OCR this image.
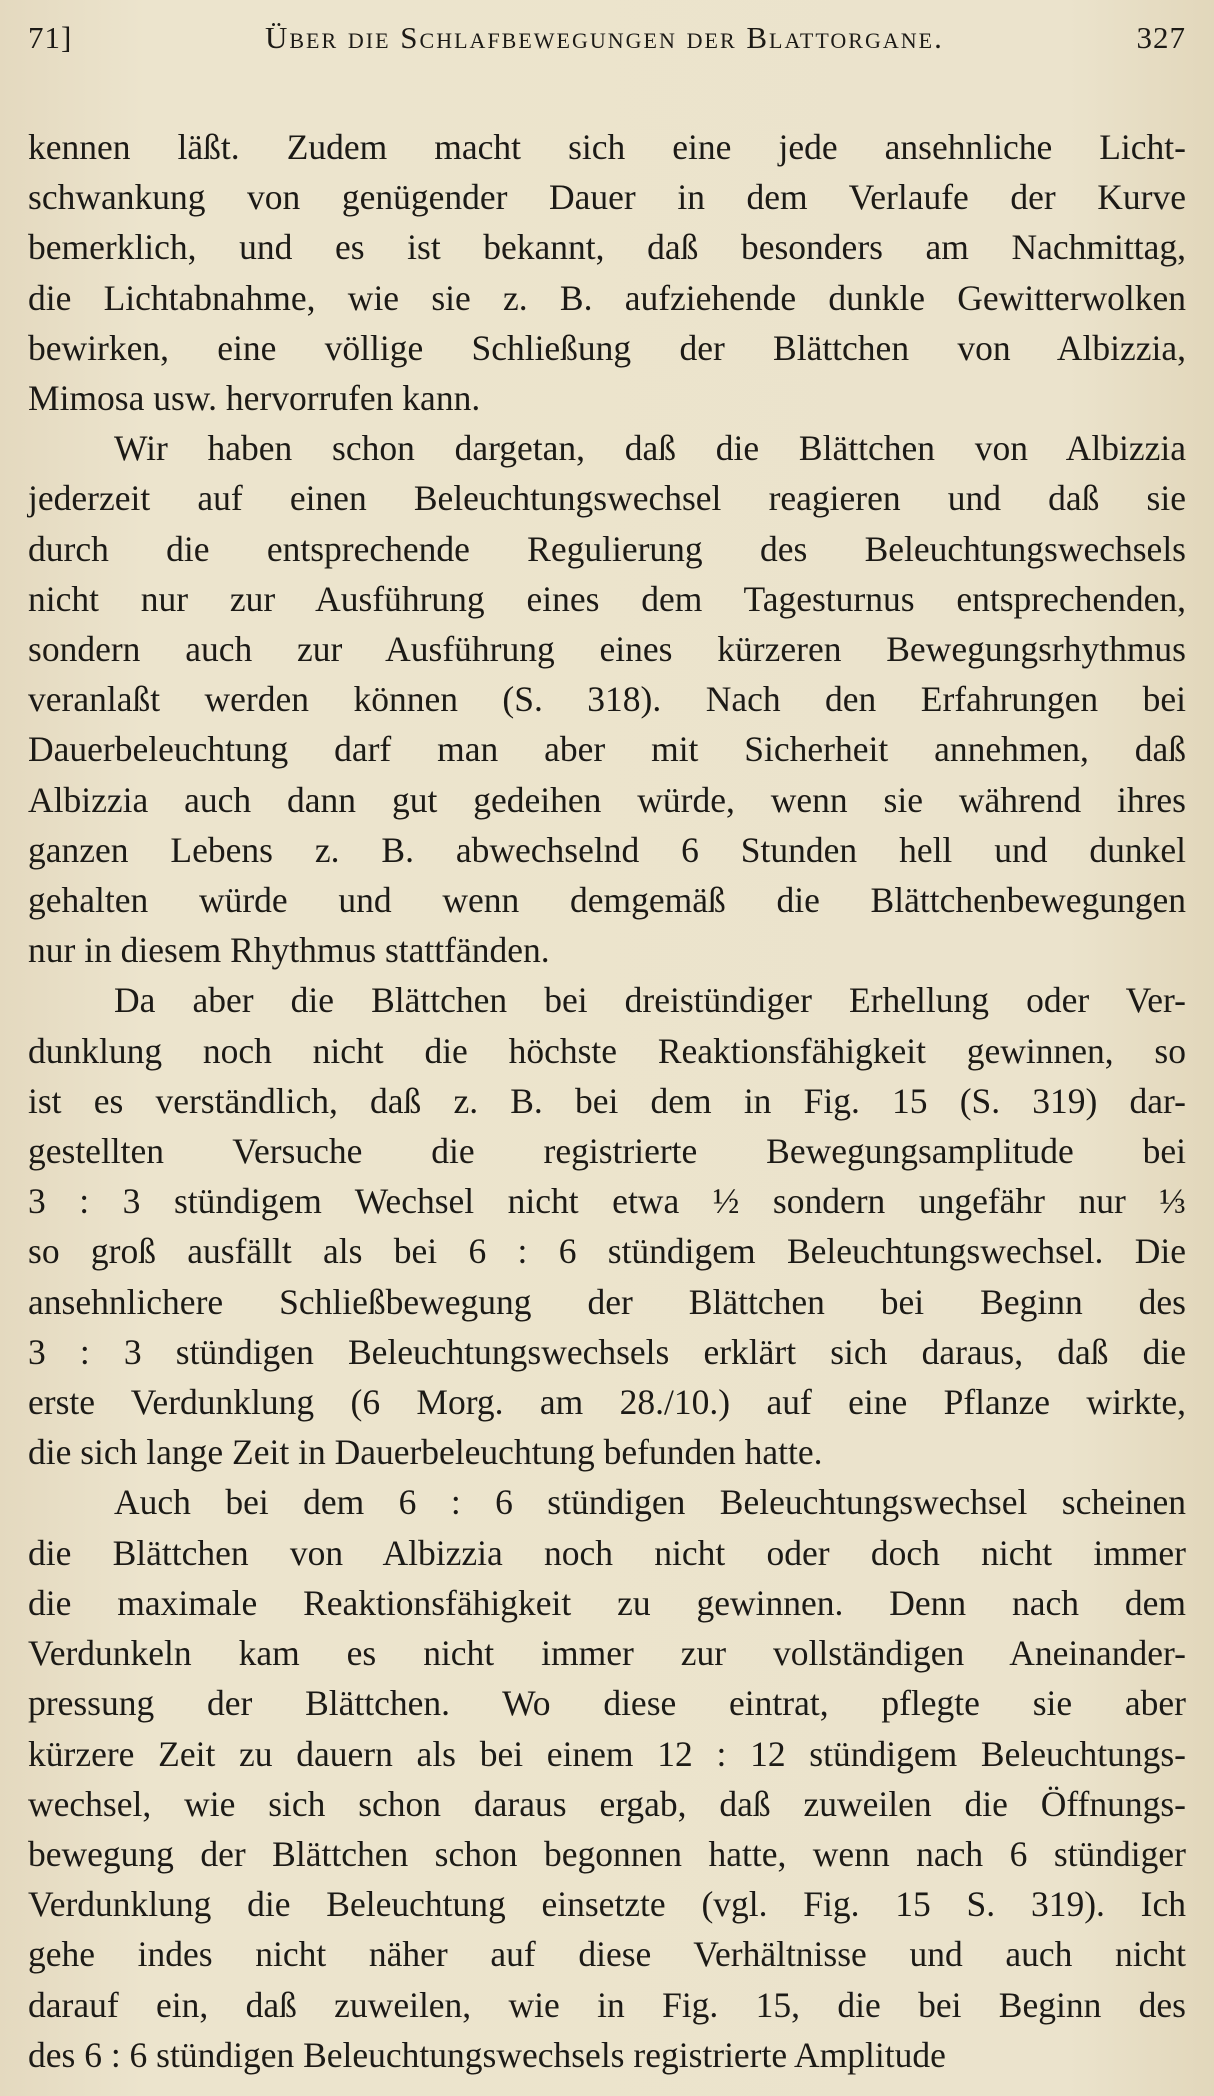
71]	Über die Schlafbewegungen der Blattorgane.	327

kennen läßt. Zudem macht sich eine jede ansehnliche Licht-
schwankung von genügender Dauer in dem Verlaufe der Kurve
bemerklich, und es ist bekannt, daß besonders am Nachmittag,
die Lichtabnahme, wie sie z. B. aufziehende dunkle Gewitterwolken
bewirken, eine völlige Schließung der Blättchen von Albizzia,
Mimosa usw. hervorrufen kann.

Wir haben schon dargetan, daß die Blättchen von Albizzia
jederzeit auf einen Beleuchtungswechsel reagieren und daß sie
durch die entsprechende Regulierung des Beleuchtungswechsels
nicht nur zur Ausführung eines dem Tagesturnus entsprechenden,
sondern auch zur Ausführung eines kürzeren Bewegungsrhythmus
veranlaßt werden können (S. 318). Nach den Erfahrungen bei
Dauerbeleuchtung darf man aber mit Sicherheit annehmen, daß
Albizzia auch dann gut gedeihen würde, wenn sie während ihres
ganzen Lebens z. B. abwechselnd 6 Stunden hell und dunkel
gehalten würde und wenn demgemäß die Blättchenbewegungen
nur in diesem Rhythmus stattfänden.

Da aber die Blättchen bei dreistündiger Erhellung oder Ver-
dunklung noch nicht die höchste Reaktionsfähigkeit gewinnen, so
ist es verständlich, daß z. B. bei dem in Fig. 15 (S. 319) dar-
gestellten Versuche die registrierte Bewegungsamplitude bei
3 : 3 stündigem Wechsel nicht etwa ½ sondern ungefähr nur ⅓
so groß ausfällt als bei 6 : 6 stündigem Beleuchtungswechsel. Die
ansehnlichere Schließbewegung der Blättchen bei Beginn des
3 : 3 stündigen Beleuchtungswechsels erklärt sich daraus, daß die
erste Verdunklung (6 Morg. am 28./10.) auf eine Pflanze wirkte,
die sich lange Zeit in Dauerbeleuchtung befunden hatte.

Auch bei dem 6 : 6 stündigen Beleuchtungswechsel scheinen
die Blättchen von Albizzia noch nicht oder doch nicht immer
die maximale Reaktionsfähigkeit zu gewinnen. Denn nach dem
Verdunkeln kam es nicht immer zur vollständigen Aneinander-
pressung der Blättchen. Wo diese eintrat, pflegte sie aber
kürzere Zeit zu dauern als bei einem 12 : 12 stündigem Beleuchtungs-
wechsel, wie sich schon daraus ergab, daß zuweilen die Öffnungs-
bewegung der Blättchen schon begonnen hatte, wenn nach 6 stündiger
Verdunklung die Beleuchtung einsetzte (vgl. Fig. 15 S. 319). Ich
gehe indes nicht näher auf diese Verhältnisse und auch nicht
darauf ein, daß zuweilen, wie in Fig. 15, die bei Beginn des
des 6 : 6 stündigen Beleuchtungswechsels registrierte Amplitude
